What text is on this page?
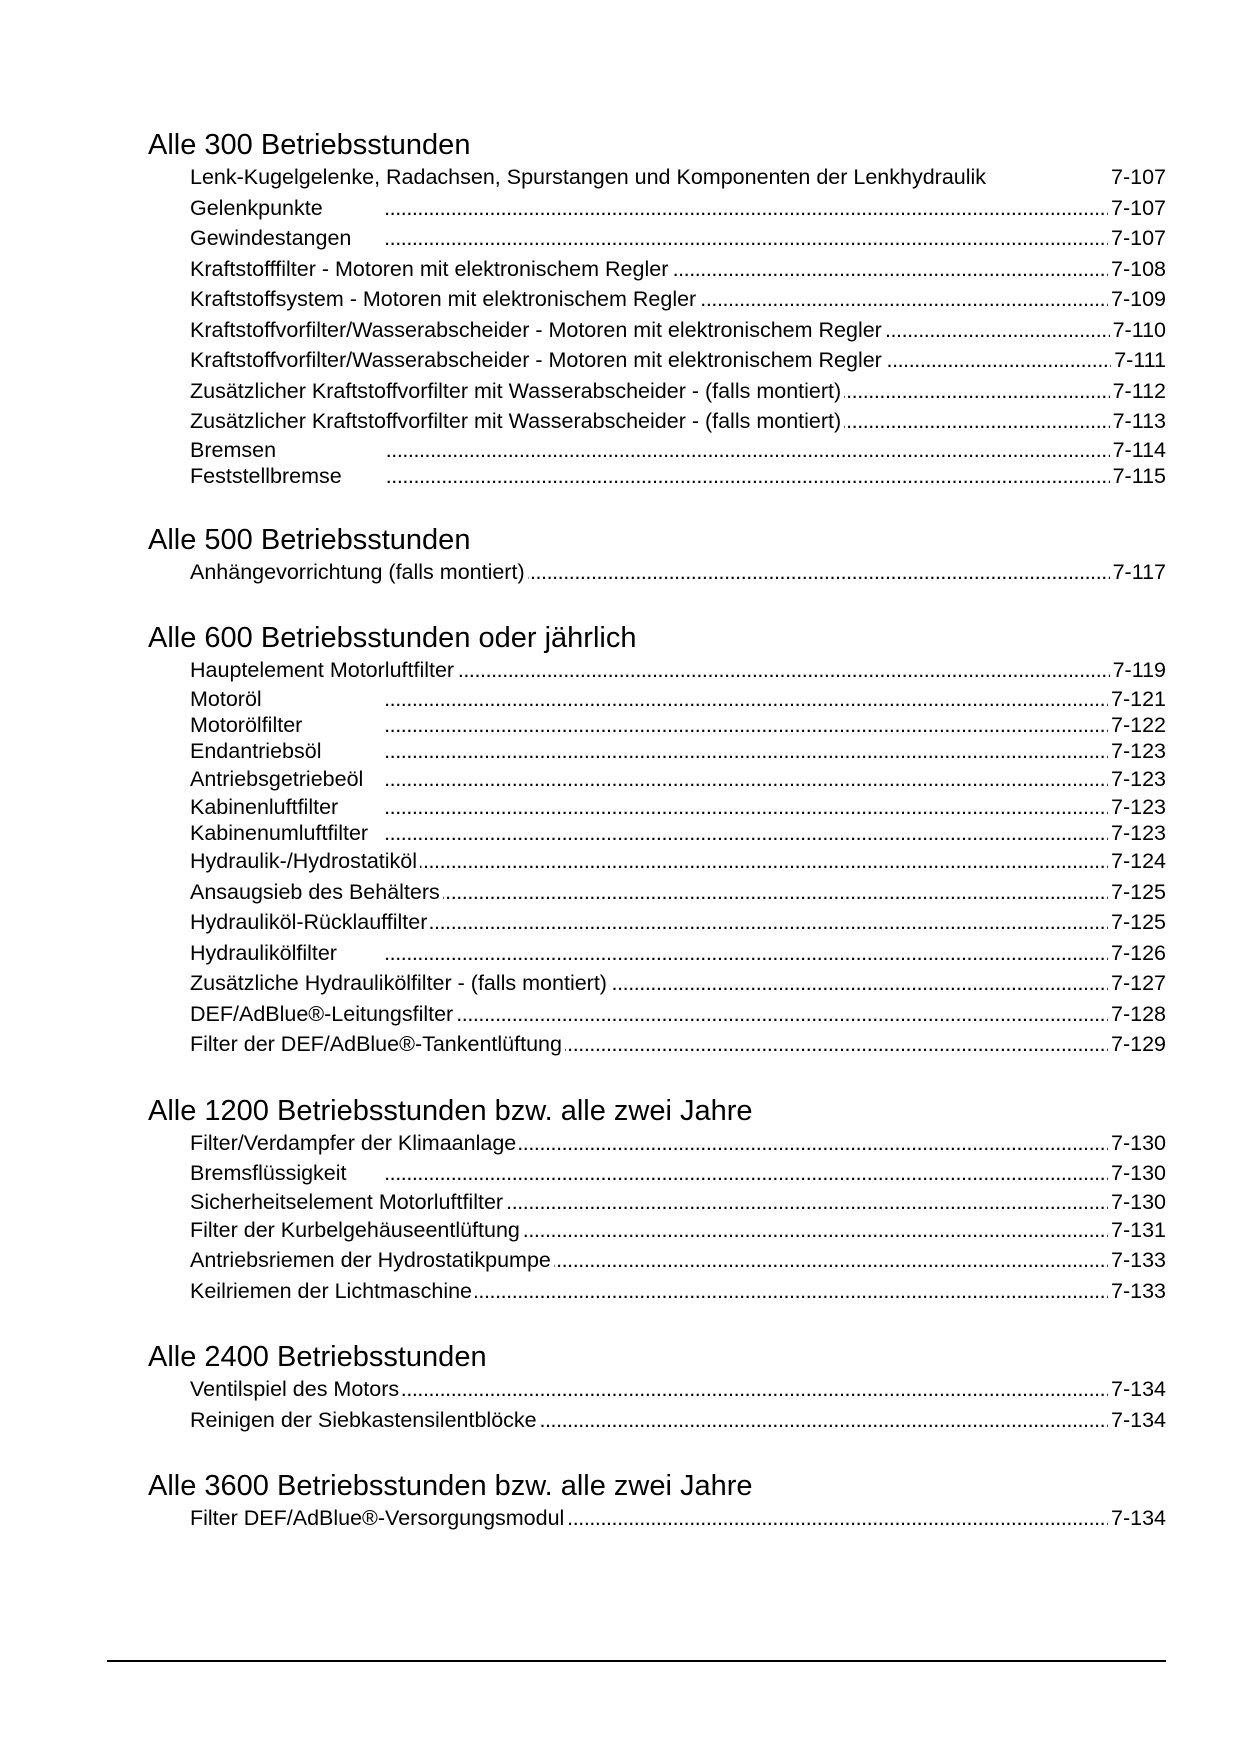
Alle 300 Betriebsstunden
Lenk-Kugelgelenke, Radachsen, Spurstangen und Komponenten der Lenkhydraulik	7-107
Gelenkpunkte . . .	7-107
Gewindestangen . . .	7-107
Kraftstofffilter - Motoren mit elektronischem Regler . . .	7-108
Kraftstoffsystem - Motoren mit elektronischem Regler . . .	7-109
Kraftstoffvorfilter/Wasserabscheider - Motoren mit elektronischem Regler . . .	7-110
Kraftstoffvorfilter/Wasserabscheider - Motoren mit elektronischem Regler . . .	7-111
Zusätzlicher Kraftstoffvorfilter mit Wasserabscheider - (falls montiert) . . .	7-112
Zusätzlicher Kraftstoffvorfilter mit Wasserabscheider - (falls montiert) . . .	7-113
Bremsen . . .	7-114
Feststellbremse . . .	7-115
Alle 500 Betriebsstunden
Anhängevorrichtung (falls montiert) . . .	7-117
Alle 600 Betriebsstunden oder jährlich
Hauptelement Motorluftfilter . . .	7-119
Motoröl . . .	7-121
Motorölfilter . . .	7-122
Endantriebsöl . . .	7-123
Antriebsgetriebeöl . . .	7-123
Kabinenluftfilter . . .	7-123
Kabinenumluftfilter . . .	7-123
Hydraulik-/Hydrostatiköl . . .	7-124
Ansaugsieb des Behälters . . .	7-125
Hydrauliköl-Rücklauffilter . . .	7-125
Hydraulikölfilter . . .	7-126
Zusätzliche Hydraulikölfilter - (falls montiert) . . .	7-127
DEF/AdBlue®-Leitungsfilter . . .	7-128
Filter der DEF/AdBlue®-Tankentlüftung . . .	7-129
Alle 1200 Betriebsstunden bzw. alle zwei Jahre
Filter/Verdampfer der Klimaanlage . . .	7-130
Bremsflüssigkeit . . .	7-130
Sicherheitselement Motorluftfilter . . .	7-130
Filter der Kurbelgehäuseentlüftung . . .	7-131
Antriebsriemen der Hydrostatikpumpe . . .	7-133
Keilriemen der Lichtmaschine . . .	7-133
Alle 2400 Betriebsstunden
Ventilspiel des Motors . . .	7-134
Reinigen der Siebkastensilentblöcke . . .	7-134
Alle 3600 Betriebsstunden bzw. alle zwei Jahre
Filter DEF/AdBlue®-Versorgungsmodul . . .	7-134
